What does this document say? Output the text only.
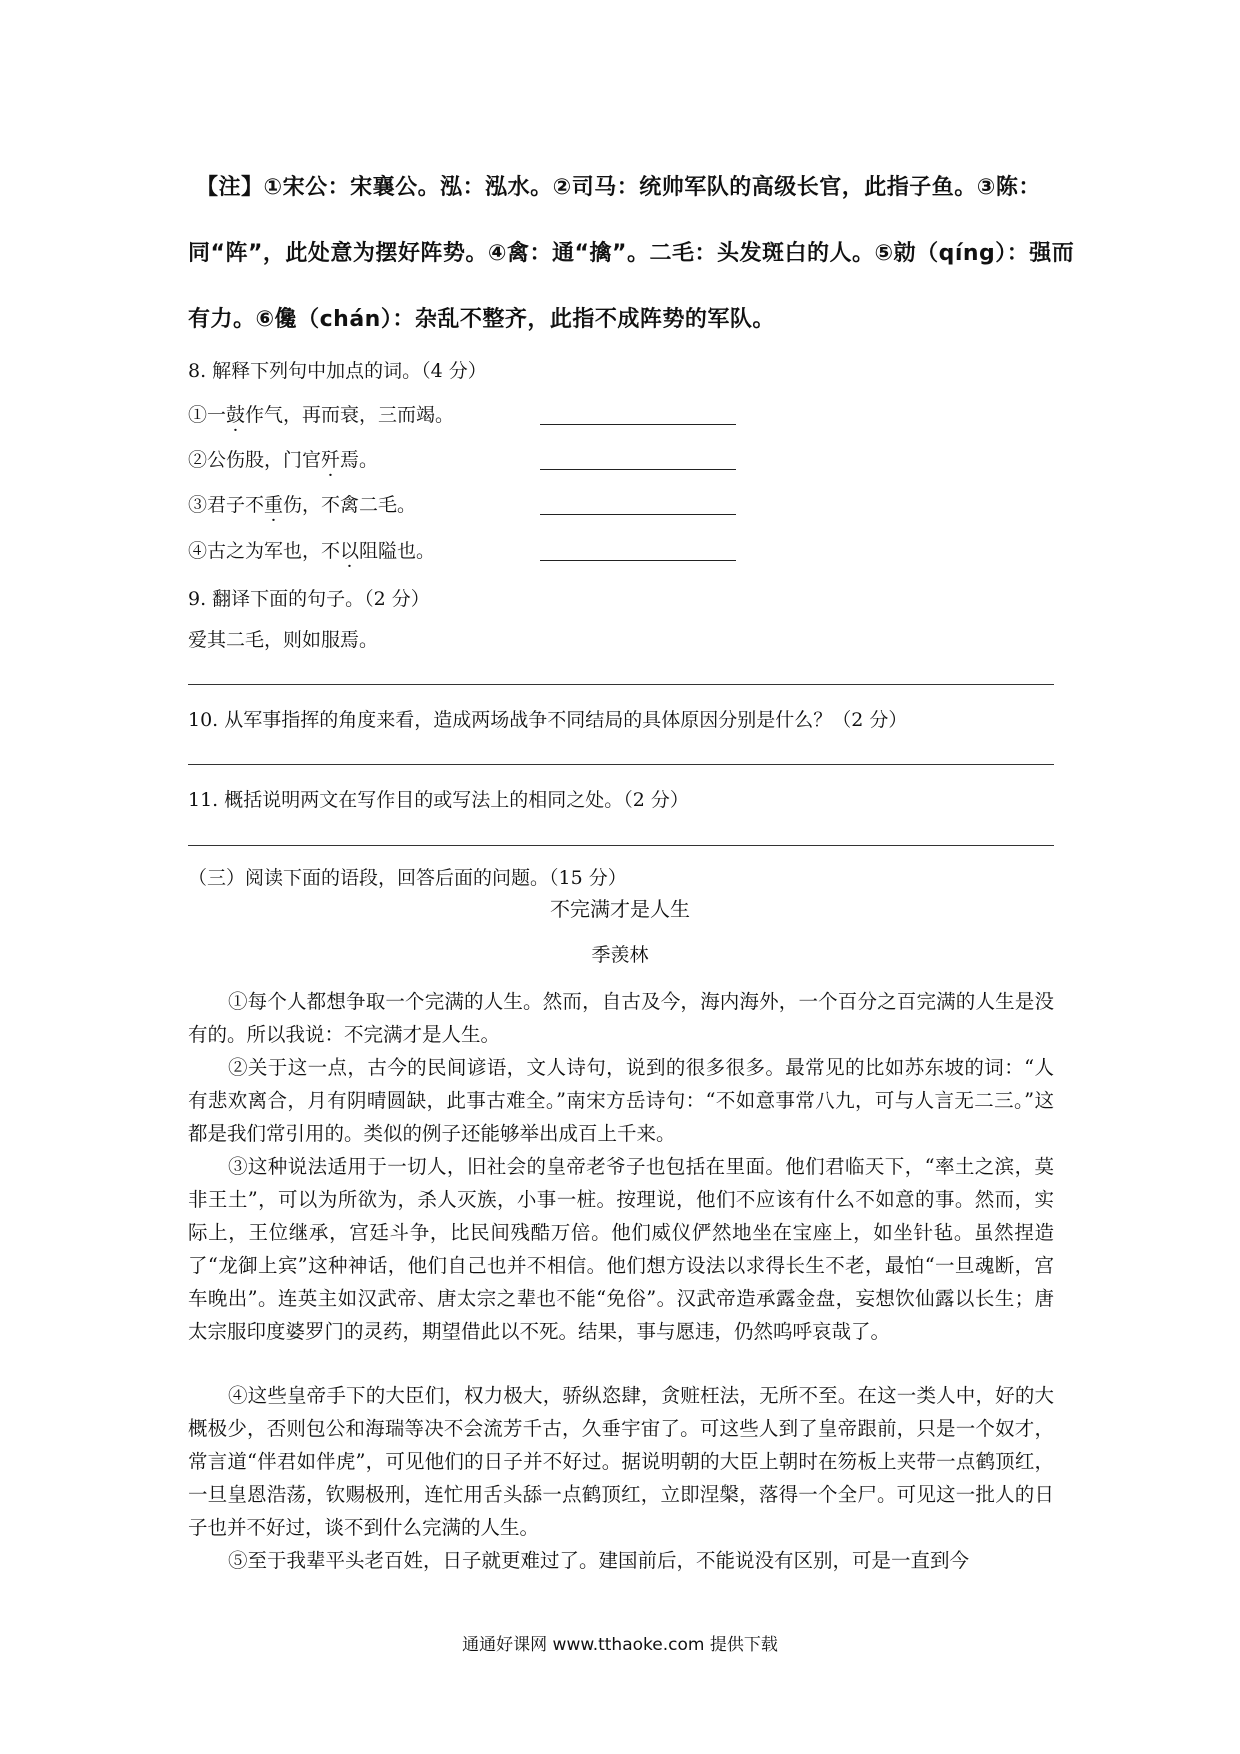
【注】①宋公：宋襄公。泓：泓水。②司马：统帅军队的高级长官，此指子鱼。③陈：
同“阵”，此处意为摆好阵势。④禽：通“擒”。二毛：头发斑白的人。⑤勍（qíng）：强而
有力。⑥儳（chán）：杂乱不整齐，此指不成阵势的军队。
8. 解释下列句中加点的词。（4 分）
①一鼓作气，再而衰，三而竭。
②公伤股，门官歼焉。
③君子不重伤，不禽二毛。
④古之为军也，不以阻隘也。
9. 翻译下面的句子。（2 分）
爱其二毛，则如服焉。
10. 从军事指挥的角度来看，造成两场战争不同结局的具体原因分别是什么？（2 分）
11. 概括说明两文在写作目的或写法上的相同之处。（2 分）
（三）阅读下面的语段，回答后面的问题。（15 分）
不完满才是人生
季羡林
①每个人都想争取一个完满的人生。然而，自古及今，海内海外，一个百分之百完满的人生是没有的。所以我说：不完满才是人生。
②关于这一点，古今的民间谚语，文人诗句，说到的很多很多。最常见的比如苏东坡的词：“人有悲欢离合，月有阴晴圆缺，此事古难全。”南宋方岳诗句：“不如意事常八九，可与人言无二三。”这都是我们常引用的。类似的例子还能够举出成百上千来。
③这种说法适用于一切人，旧社会的皇帝老爷子也包括在里面。他们君临天下，“率土之滨，莫非王土”，可以为所欲为，杀人灭族，小事一桩。按理说，他们不应该有什么不如意的事。然而，实际上，王位继承，宫廷斗争，比民间残酷万倍。他们威仪俨然地坐在宝座上，如坐针毡。虽然捏造了“龙御上宾”这种神话，他们自己也并不相信。他们想方设法以求得长生不老，最怕“一旦魂断，宫车晚出”。连英主如汉武帝、唐太宗之辈也不能“免俗”。汉武帝造承露金盘，妄想饮仙露以长生；唐太宗服印度婆罗门的灵药，期望借此以不死。结果，事与愿违，仍然呜呼哀哉了。
④这些皇帝手下的大臣们，权力极大，骄纵恣肆，贪赃枉法，无所不至。在这一类人中，好的大概极少，否则包公和海瑞等决不会流芳千古，久垂宇宙了。可这些人到了皇帝跟前，只是一个奴才，常言道“伴君如伴虎”，可见他们的日子并不好过。据说明朝的大臣上朝时在笏板上夹带一点鹤顶红，一旦皇恩浩荡，钦赐极刑，连忙用舌头舔一点鹤顶红，立即涅槃，落得一个全尸。可见这一批人的日子也并不好过，谈不到什么完满的人生。
⑤至于我辈平头老百姓，日子就更难过了。建国前后，不能说没有区别，可是一直到今
通通好课网 www.tthaoke.com 提供下载
